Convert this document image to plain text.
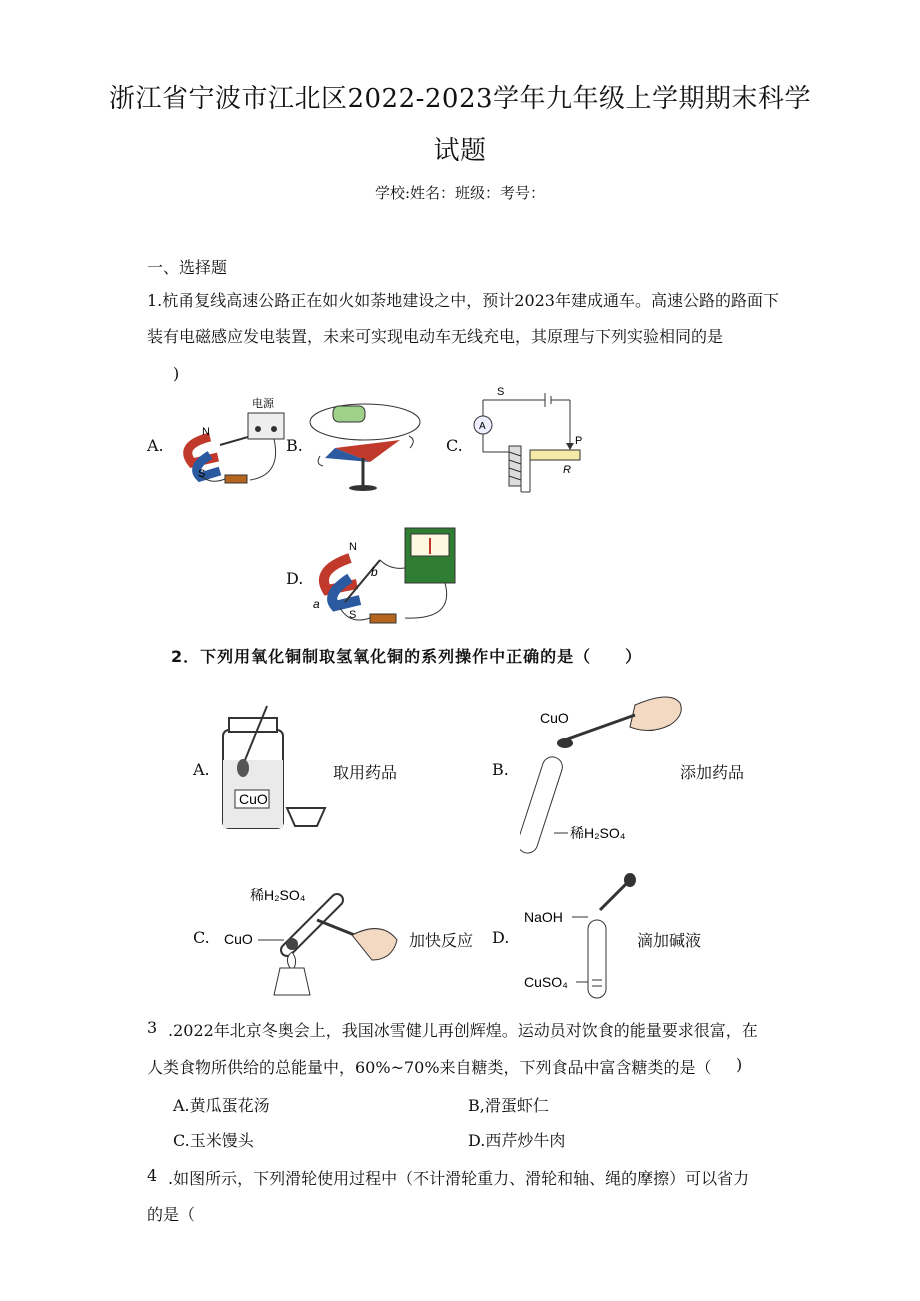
浙江省宁波市江北区2022-2023学年九年级上学期期末科学
试题
学校:姓名：班级：考号：
一、选择题
1.杭甬复线高速公路正在如火如荼地建设之中，预计2023年建成通车。高速公路的路面下
装有电磁感应发电装置，未来可实现电动车无线充电，其原理与下列实验相同的是
)
A.	B.	C.
D.
N
S
电源
S
A
P
R
N
S
a
b
2．下列用氧化铜制取氢氧化铜的系列操作中正确的是（　　）
A.
CuO
取用药品	B.
CuO
稀H₂SO₄
添加药品
C.
稀H₂SO₄
CuO	加快反应 D.
NaOH
CuSO₄
滴加碱液
3 .2022年北京冬奥会上，我国冰雪健儿再创辉煌。运动员对饮食的能量要求很富，在
人类食物所供给的总能量中，60%~70%来自糖类，下列食品中富含糖类的是（ )
A.黄瓜蛋花汤	B,滑蛋虾仁
C.玉米馒头	D.西芹炒牛肉
4 .如图所示，下列滑轮使用过程中（不计滑轮重力、滑轮和轴、绳的摩擦）可以省力
的是（
